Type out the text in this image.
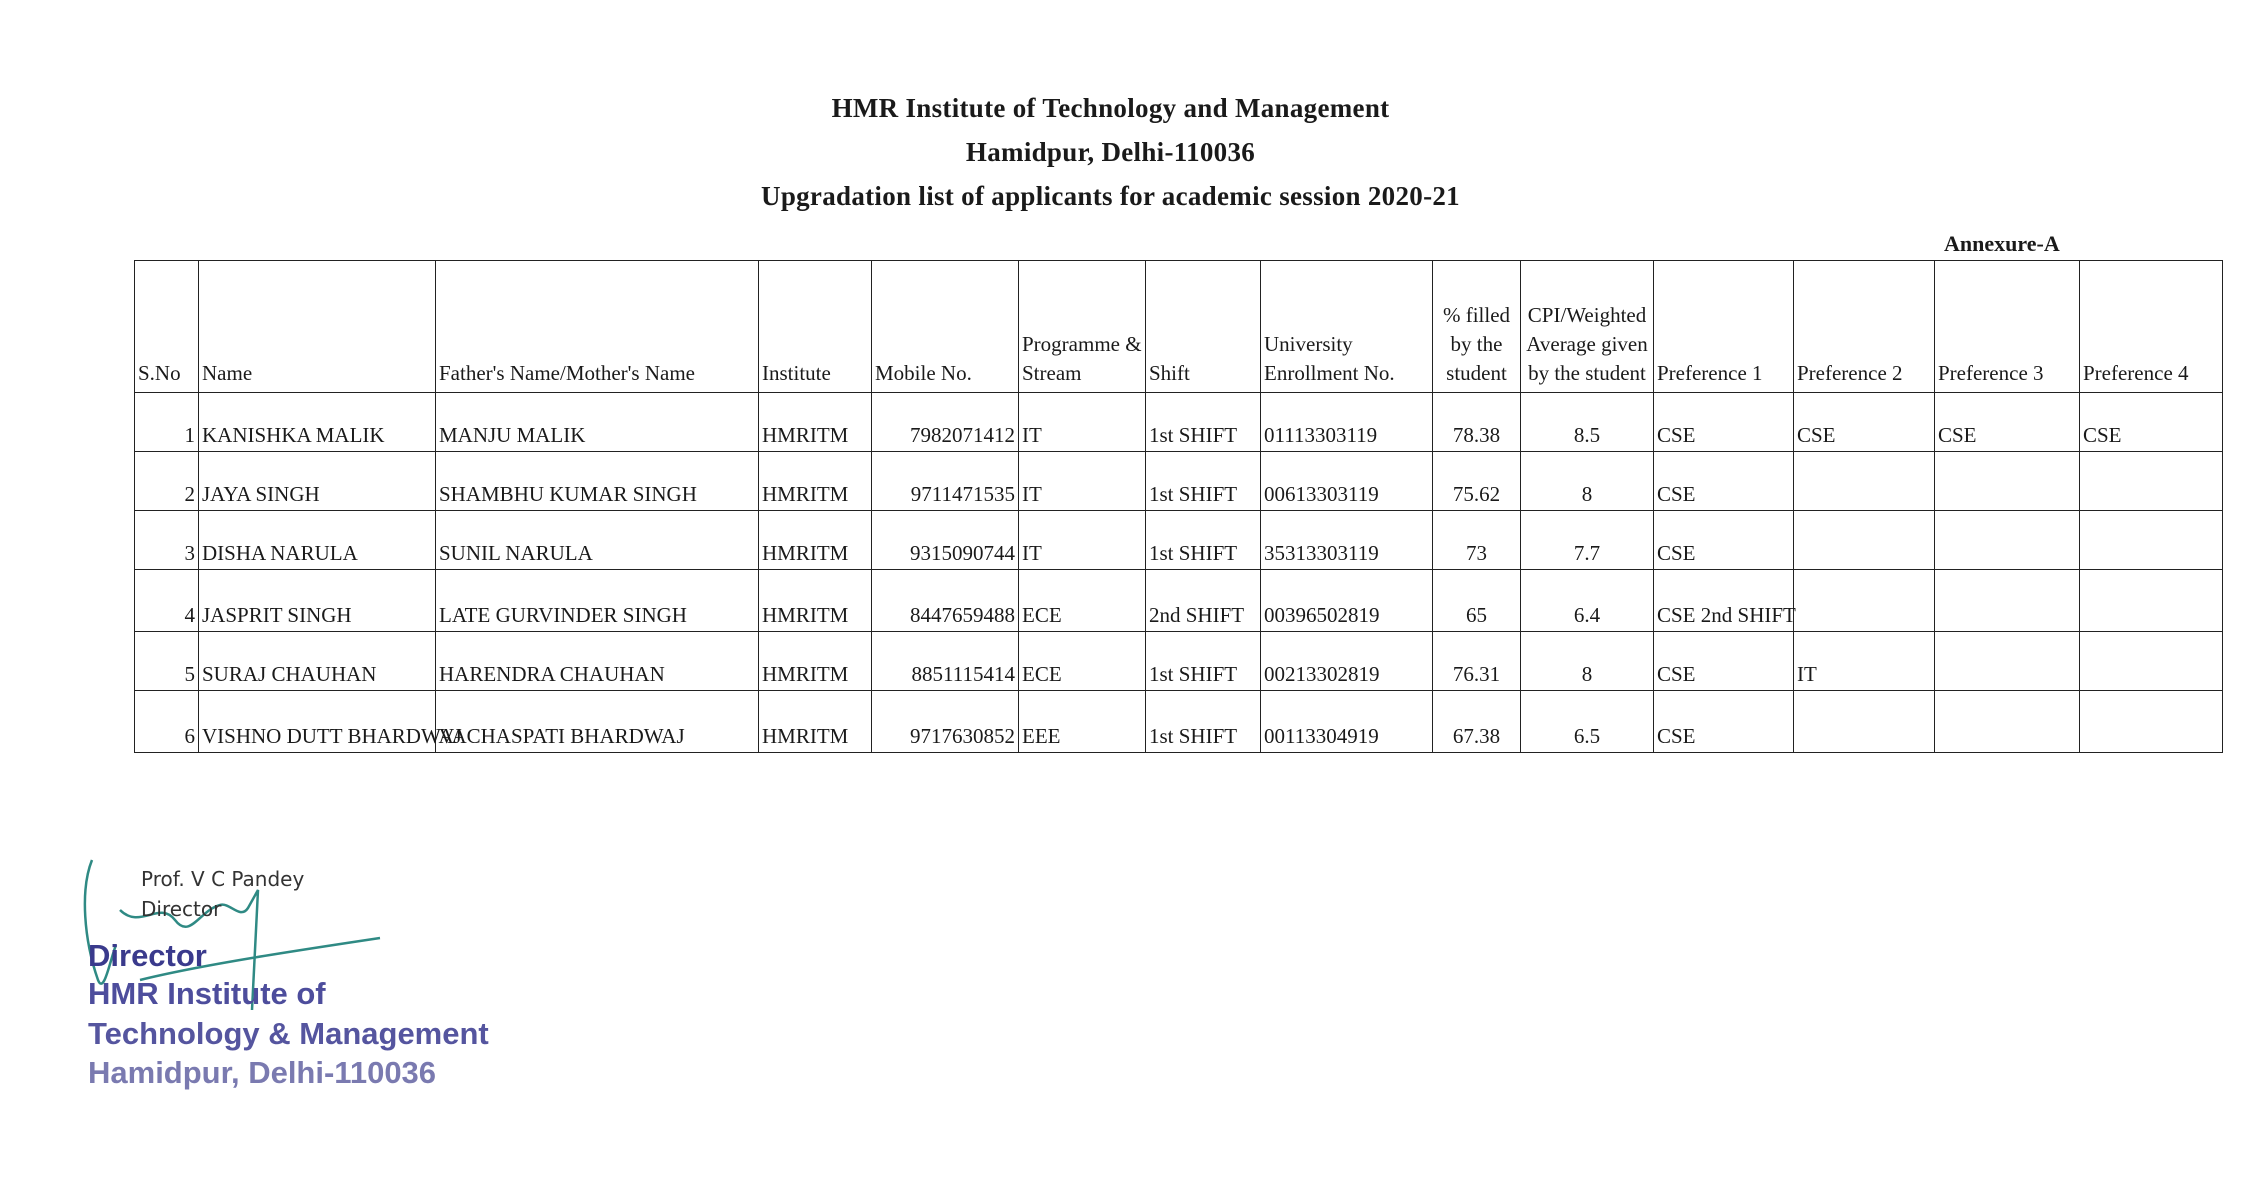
HMR Institute of Technology and Management
Hamidpur, Delhi-110036
Upgradation list of applicants for academic session 2020-21
Annexure-A
S.No	Name	Father's Name/Mother's Name	Institute	Mobile No.	Programme & Stream	Shift	University Enrollment No.	% filled by the student	CPI/Weighted Average given by the student	Preference 1	Preference 2	Preference 3	Preference 4
1	KANISHKA MALIK	MANJU MALIK	HMRITM	7982071412	IT	1st SHIFT	01113303119	78.38	8.5	CSE	CSE	CSE	CSE
2	JAYA SINGH	SHAMBHU KUMAR SINGH	HMRITM	9711471535	IT	1st SHIFT	00613303119	75.62	8	CSE			
3	DISHA NARULA	SUNIL NARULA	HMRITM	9315090744	IT	1st SHIFT	35313303119	73	7.7	CSE			
4	JASPRIT SINGH	LATE GURVINDER SINGH	HMRITM	8447659488	ECE	2nd SHIFT	00396502819	65	6.4	CSE 2nd SHIFT			
5	SURAJ CHAUHAN	HARENDRA CHAUHAN	HMRITM	8851115414	ECE	1st SHIFT	00213302819	76.31	8	CSE	IT		
6	VISHNO DUTT BHARDWAJ	VACHASPATI BHARDWAJ	HMRITM	9717630852	EEE	1st SHIFT	00113304919	67.38	6.5	CSE			
Prof. V C Pandey
Director
Director
HMR Institute of
Technology & Management
Hamidpur, Delhi-110036
